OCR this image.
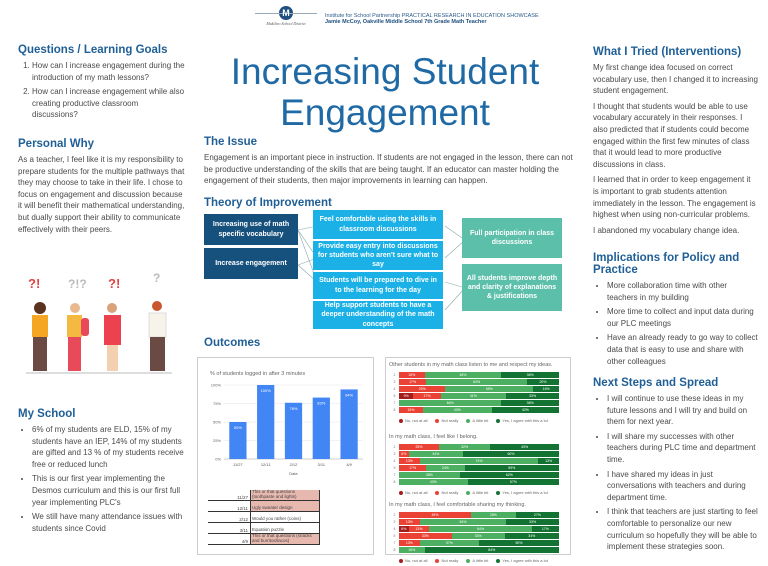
M
Mukilteo School District
Institute for School Partnership PRACTICAL RESEARCH IN EDUCATION SHOWCASE
Jamie McCoy, Oakville Middle School 7th Grade Math Teacher
Questions / Learning Goals
1. How can I increase engagement during the introduction of my math lessons?
2. How can I increase engagement while also creating productive classroom discussions?
Personal Why

As a teacher, I feel like it is my responsibility to prepare students for the multiple pathways that they may choose to take in their life. I chose to focus on engagement and discussion because it will benefit their mathematical understanding, but dually support their ability to communicate effectively with their peers.

?! ?!? ?!	?
My School
• 6% of my students are ELD, 15% of my students have an IEP, 14% of my students are gifted and 13 % of my students receive free or reduced lunch
• This is our first year implementing the Desmos curriculum and this is our first full year implementing PLC's
• We still have many attendance issues with students since Covid
Increasing Student Engagement
The Issue

Engagement is an important piece in instruction. If students are not engaged in the lesson, there can not be productive understanding of the skills that are being taught. If an educator can master holding the engagement of their students, then major improvements in learning can happen.

Theory of Improvement
Increasing use of math specific vocabulary
Increase engagement
Feel comfortable using the skills in classroom discussions
Provide easy entry into discussions for students who aren't sure what to say
Students will be prepared to dive in to the learning for the day
Help support students to have a deeper understanding of the math concepts
Full participation in class discussions
All students improve depth and clarity of explanations & justifications
Outcomes
% of students logged in after 3 minutes
0%
25%
50%
75%
100%
50%
11/27
100%
12/11
76%
2/12
83%
3/11
94%
4/9
Date
11/27
This or that questions (toothpaste and lights)
12/11 Ugly sweater design
2/12 Would you rather (coins)
3/11 Equation puzzle
4/9
This or that questions (snacks and burritos/tacos)
Other students in my math class listen to me and respect my ideas.
2	16%	48%	36%
3	17%	63%	20%
4	29%	55%	16%
5	9%	17%	41%	33%
7	64%	36%
8	15%	43%	42%
No, not at all	Not really	A little bit	Yes, I agree with this a lot
In my math class, I feel like I belong.
2	25%	32%	43%
3	6%	34%	60%
4	13%	74%	13%
5	17%	24%	59%
7	38%	62%
8	43%	57%
No, not at all	Not really	A little bit	Yes, I agree with this a lot
In my math class, I feel comfortable sharing my thinking.
2	45%	28%	27%
3	13%	54%	33%
4	6%	13%	64%	17%
5	33%	33%	34%
7	13%	37%	50%
8	16%	84%
No, not at all	Not really	A little bit	Yes, I agree with this a lot
What I Tried (Interventions)

My first change idea focused on correct vocabulary use, then I changed it to increasing student engagement.

I thought that students would be able to use vocabulary accurately in their responses. I also predicted that if students could become engaged within the first few minutes of class that it would lead to more productive discussions in class.

I learned that in order to keep engagement it is important to grab students attention immediately in the lesson. The engagement is highest when using non-curricular problems.

I abandoned my vocabulary change idea.

Implications for Policy and Practice
• More collaboration time with other teachers in my building
• More time to collect and input data during our PLC meetings
• Have an already ready to go way to collect data that is easy to use and share with other colleagues
Next Steps and Spread
• I will continue to use these ideas in my future lessons and I will try and build on them for next year.
• I will share my successes with other teachers during PLC time and department time.
• I have shared my ideas in just conversations with teachers and during department time.
• I think that teachers are just starting to feel comfortable to personalize our new curriculum so hopefully they will be able to implement these strategies soon.
